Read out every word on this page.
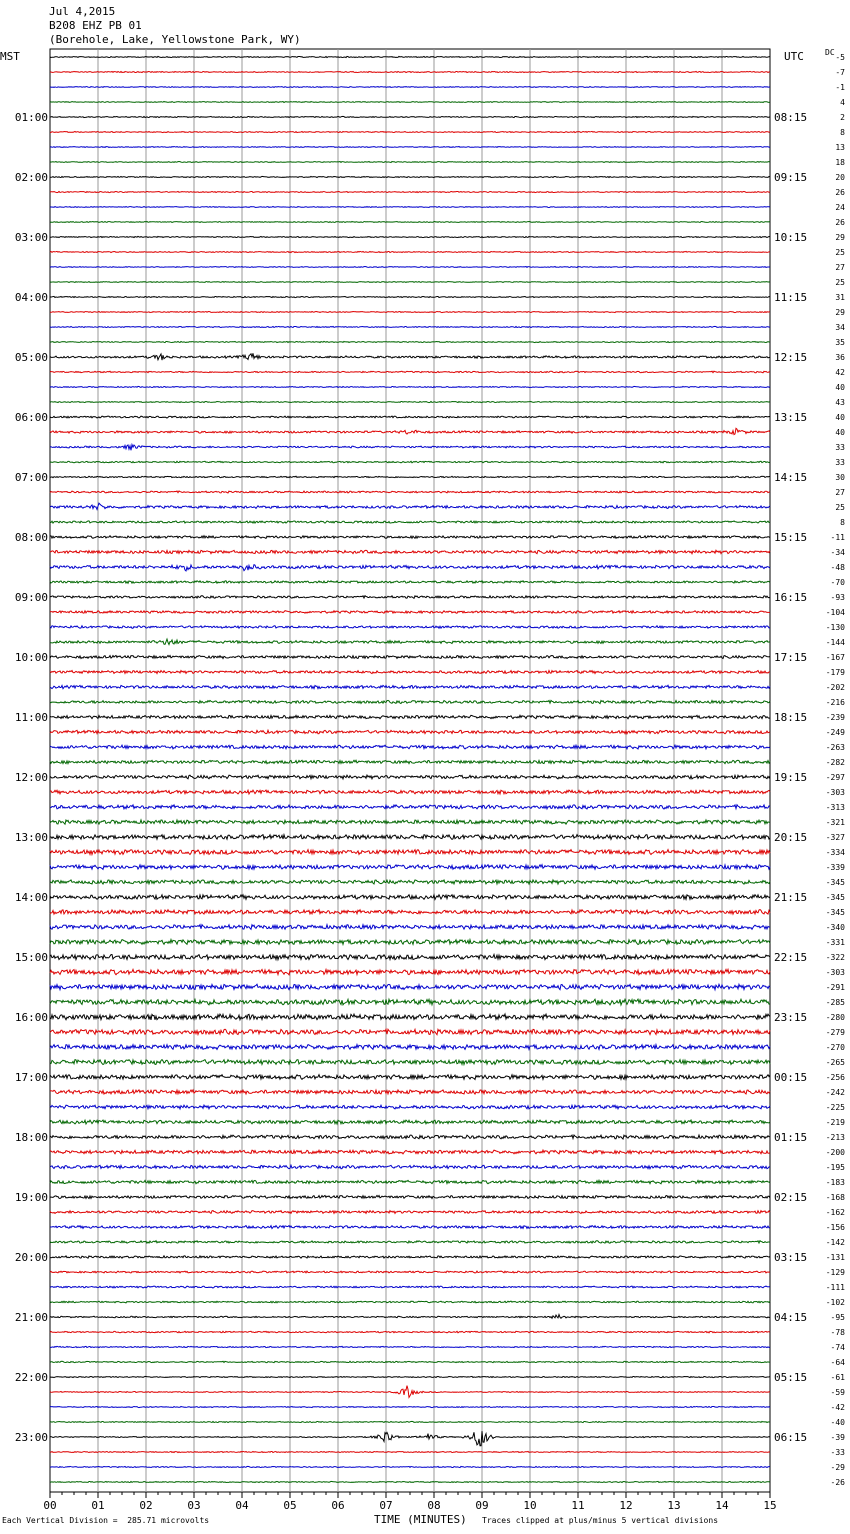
Jul 4,2015
B208 EHZ PB 01
(Borehole, Lake, Yellowstone Park, WY)
MST	UTC	DC
00	01	02	03	04	05	06	07	08	09	10	11	12	13	14	15
-5
-7
-1
4
2
8
13
18
20
26
24
26
29
25
27
25
31
29
34
35
36
42
40
43
40
40
33
33
30
27
25
8
-11
-34
-48
-70
-93
-104
-130
-144
-167
-179
-202
-216
-239
-249
-263
-282
-297
-303
-313
-321
-327
-334
-339
-345
-345
-345
-340
-331
-322
-303
-291
-285
-280
-279
-270
-265
-256
-242
-225
-219
-213
-200
-195
-183
-168
-162
-156
-142
-131
-129
-111
-102
-95
-78
-74
-64
-61
-59
-42
-40
-39
-33
-29
-26
01:00	08:15
02:00	09:15
03:00	10:15
04:00	11:15
05:00	12:15
06:00	13:15
07:00	14:15
08:00	15:15
09:00	16:15
10:00	17:15
11:00	18:15
12:00	19:15
13:00	20:15
14:00	21:15
15:00	22:15
16:00	23:15
17:00	00:15
18:00	01:15
19:00	02:15
20:00	03:15
21:00	04:15
22:00	05:15
23:00	06:15
Each Vertical Division =  285.71 microvolts	TIME (MINUTES) Traces clipped at plus/minus 5 vertical divisions
